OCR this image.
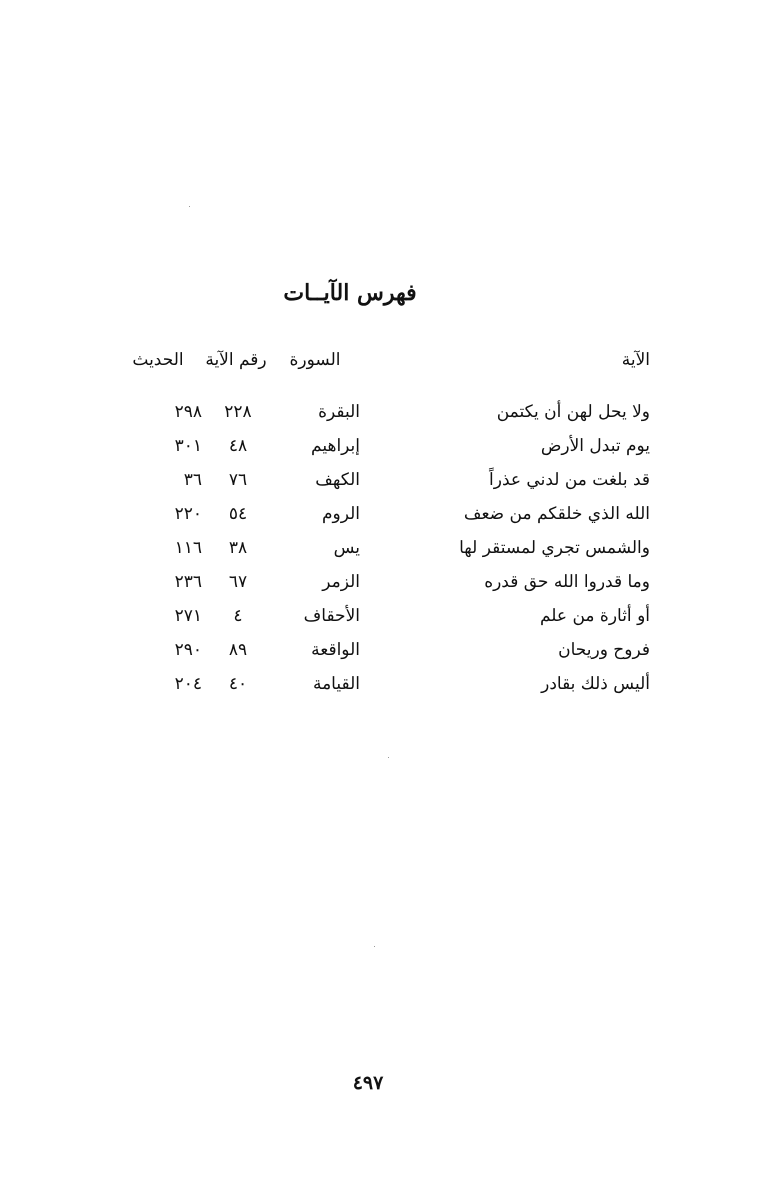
فهرس الآيــات
الآية
السورة
رقم الآية
الحديث
ولا يحل لهن أن يكتمن
البقرة
٢٢٨
٢٩٨
يوم تبدل الأرض
إبراهيم
٤٨
٣٠١
قد بلغت من لدني عذراً
الكهف
٧٦
٣٦
الله الذي خلقكم من ضعف
الروم
٥٤
٢٢٠
والشمس تجري لمستقر لها
يس
٣٨
١١٦
وما قدروا الله حق قدره
الزمر
٦٧
٢٣٦
أو أثارة من علم
الأحقاف
٤
٢٧١
فروح وريحان
الواقعة
٨٩
٢٩٠
أليس ذلك بقادر
القيامة
٤٠
٢٠٤
٤٩٧
